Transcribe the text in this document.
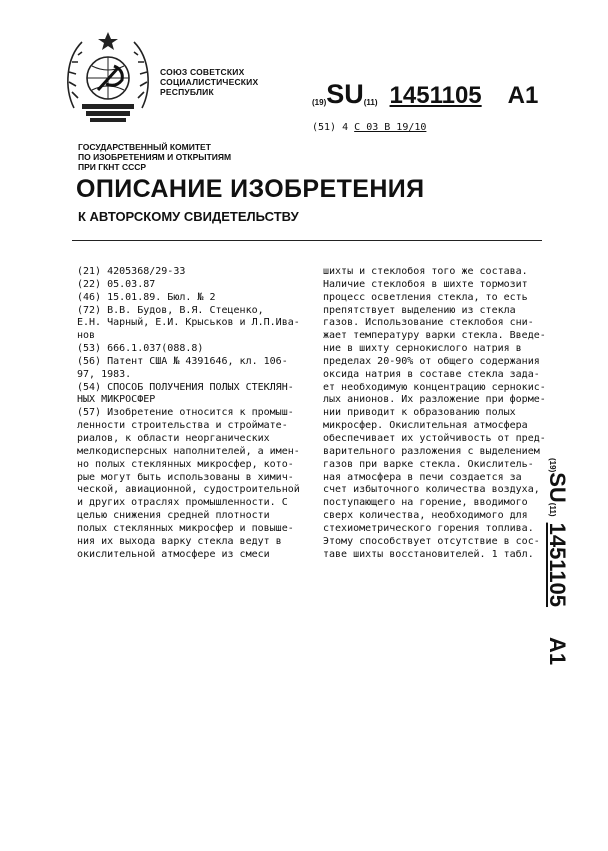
СОЮЗ СОВЕТСКИХ
СОЦИАЛИСТИЧЕСКИХ
РЕСПУБЛИК
(19)SU(11) 1451105 A1
(51) 4 С 03 В 19/10
ГОСУДАРСТВЕННЫЙ КОМИТЕТ
ПО ИЗОБРЕТЕНИЯМ И ОТКРЫТИЯМ
ПРИ ГКНТ СССР
ОПИСАНИЕ ИЗОБРЕТЕНИЯ
К АВТОРСКОМУ СВИДЕТЕЛЬСТВУ
(21) 4205368/29-33
(22) 05.03.87
(46) 15.01.89. Бюл. № 2
(72) В.В. Будов, В.Я. Стеценко,
Е.Н. Чарный, Е.И. Крыськов и Л.П.Ива-
нов
(53) 666.1.037(088.8)
(56) Патент США № 4391646, кл. 106-
97, 1983.
(54) СПОСОБ ПОЛУЧЕНИЯ ПОЛЫХ СТЕКЛЯН-
НЫХ МИКРОСФЕР
(57) Изобретение относится к промыш-
ленности строительства и стройматe-
риалов, к области неорганических
мелкодисперсных наполнителей, а имен-
но полых стеклянных микросфер, кото-
рые могут быть использованы в химич-
ческой, авиационной, судостроительной
и других отраслях промышленности. С
целью снижения средней плотности
полых стеклянных микросфер и повыше-
ния их выхода варку стекла ведут в
окислительной атмосфере из смеси
шихты и стеклобоя того же состава.
Наличие стеклобоя в шихте тормозит
процесс осветления стекла, то есть
препятствует выделению из стекла
газов. Использование стеклобоя сни-
жает температуру варки стекла. Введе-
ние в шихту сернокислого натрия в
пределах 20-90% от общего содержания
оксида натрия в составе стекла зада-
ет необходимую концентрацию сернокис-
лых анионов. Их разложение при форме-
нии приводит к образованию полых
микросфер. Окислительная атмосфера
обеспечивает их устойчивость от пред-
варительного разложения с выделением
газов при варке стекла. Окислитель-
ная атмосфера в печи создается за
счет избыточного количества воздуха,
поступающего на горение, вводимого
сверх количества, необходимого для
стехиометрического горения топлива.
Этому способствует отсутствие в сос-
таве шихты восстановителей. 1 табл.
(19)SU(11)1451105A1
